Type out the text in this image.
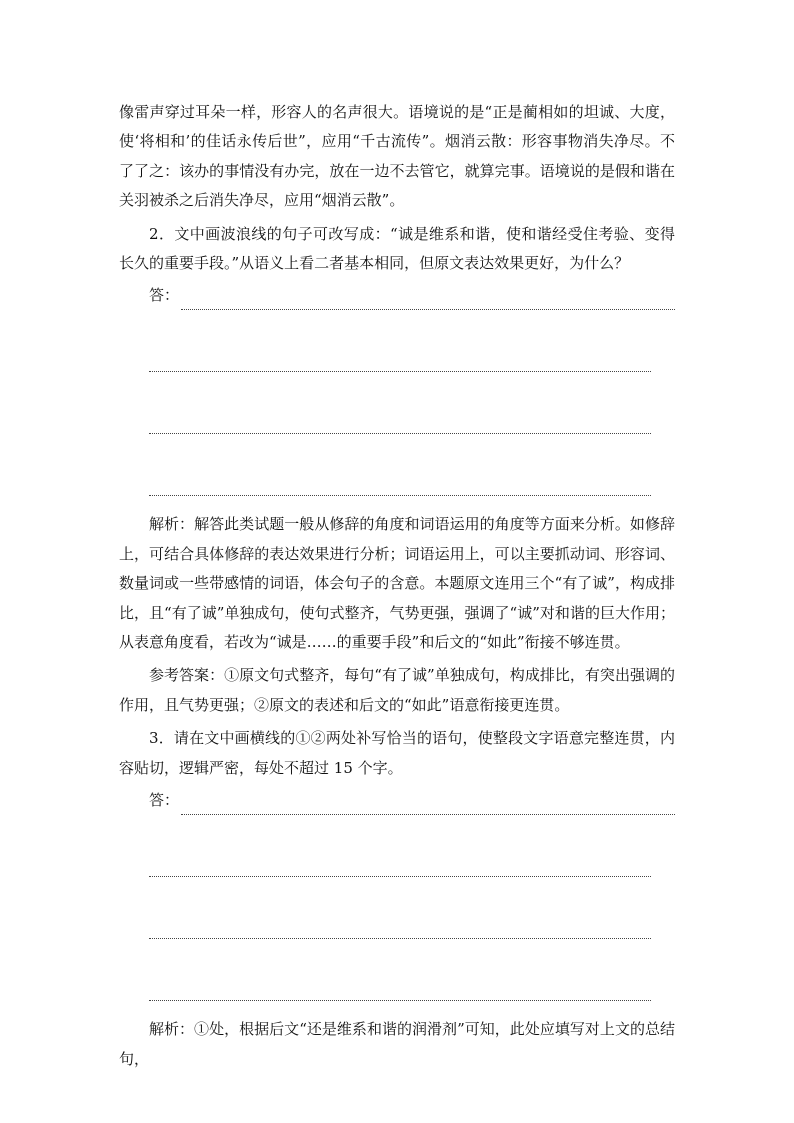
像雷声穿过耳朵一样，形容人的名声很大。语境说的是“正是蔺相如的坦诚、大度，使‘将相和’的佳话永传后世”，应用“千古流传”。烟消云散：形容事物消失净尽。不了了之：该办的事情没有办完，放在一边不去管它，就算完事。语境说的是假和谐在关羽被杀之后消失净尽，应用“烟消云散”。

2．文中画波浪线的句子可改写成：“诚是维系和谐，使和谐经受住考验、变得长久的重要手段。”从语义上看二者基本相同，但原文表达效果更好，为什么？

答：

解析：解答此类试题一般从修辞的角度和词语运用的角度等方面来分析。如修辞上，可结合具体修辞的表达效果进行分析；词语运用上，可以主要抓动词、形容词、数量词或一些带感情的词语，体会句子的含意。本题原文连用三个“有了诚”，构成排比，且“有了诚”单独成句，使句式整齐，气势更强，强调了“诚”对和谐的巨大作用；从表意角度看，若改为“诚是……的重要手段”和后文的“如此”衔接不够连贯。

参考答案：①原文句式整齐，每句“有了诚”单独成句，构成排比，有突出强调的作用，且气势更强；②原文的表述和后文的“如此”语意衔接更连贯。

3．请在文中画横线的①②两处补写恰当的语句，使整段文字语意完整连贯，内容贴切，逻辑严密，每处不超过 15 个字。

答：

解析：①处，根据后文“还是维系和谐的润滑剂”可知，此处应填写对上文的总结句，
